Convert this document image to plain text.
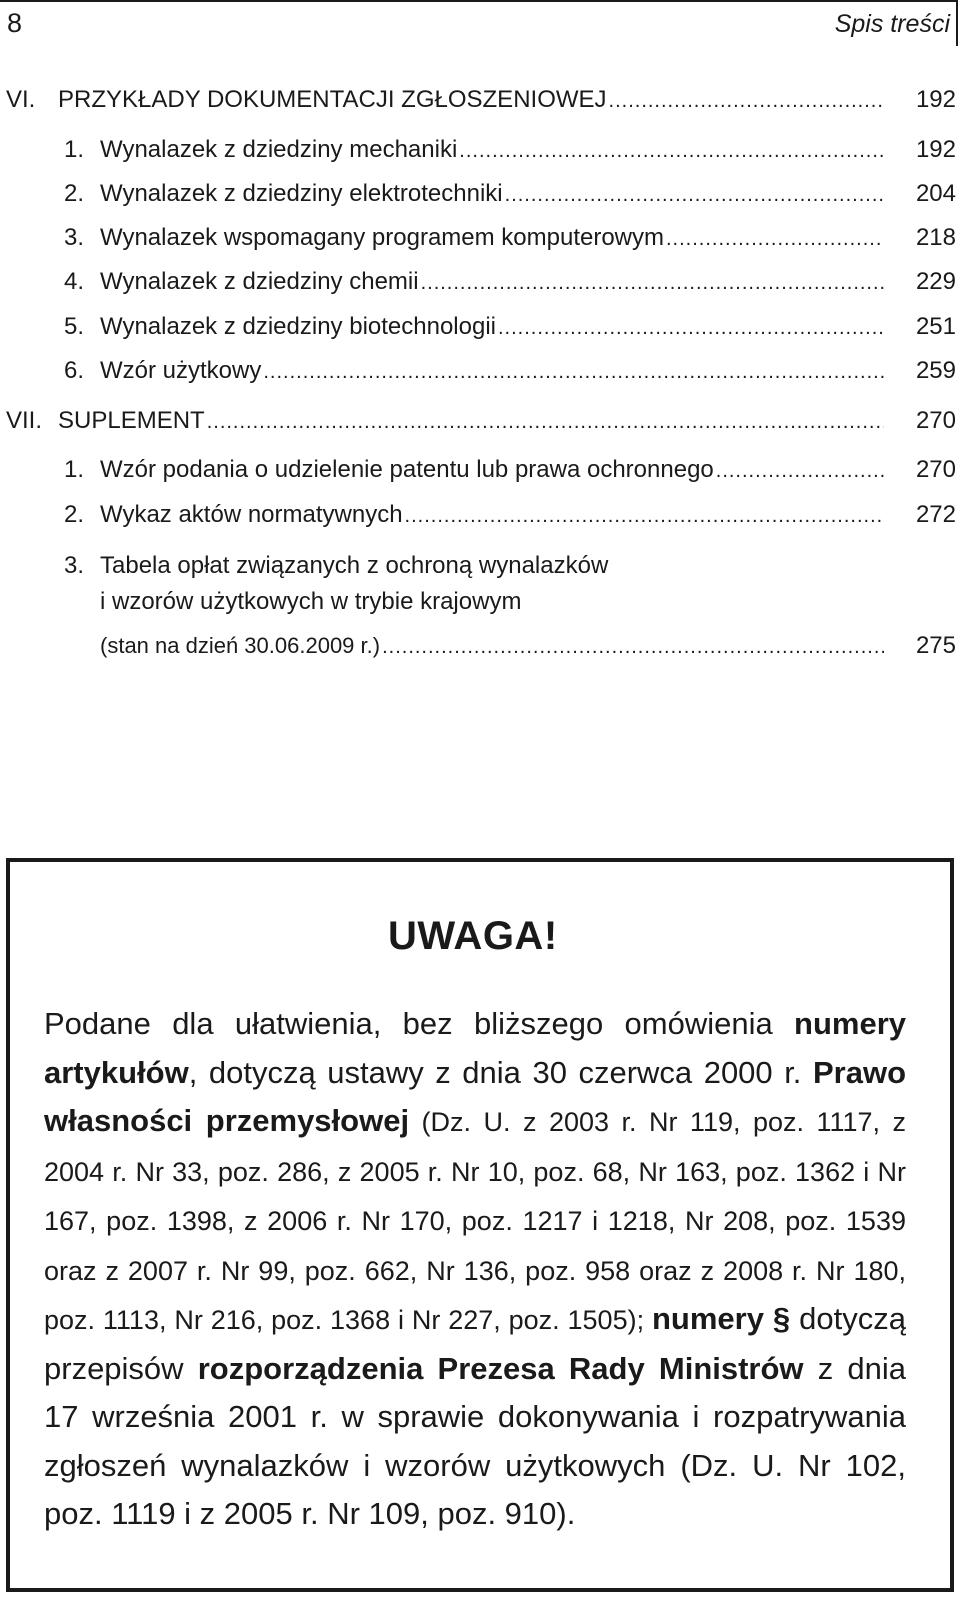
8	Spis treści
VI. PRZYKŁADY DOKUMENTACJI ZGŁOSZENIOWEJ .....	192
1. Wynalazek z dziedziny mechaniki .....	192
2. Wynalazek z dziedziny elektrotechniki .....	204
3. Wynalazek wspomagany programem komputerowym .....	218
4. Wynalazek z dziedziny chemii .....	229
5. Wynalazek z dziedziny biotechnologii .....	251
6. Wzór użytkowy .....	259
VII. SUPLEMENT .....	270
1. Wzór podania o udzielenie patentu lub prawa ochronnego .....	270
2. Wykaz aktów normatywnych .....	272
3. Tabela opłat związanych z ochroną wynalazków
i wzorów użytkowych w trybie krajowym
(stan na dzień 30.06.2009 r.) .....	275
UWAGA!

Podane dla ułatwienia, bez bliższego omówienia numery artykułów, dotyczą ustawy z dnia 30 czerwca 2000 r. Prawo własności przemysłowej (Dz. U. z 2003 r. Nr 119, poz. 1117, z 2004 r. Nr 33, poz. 286, z 2005 r. Nr 10, poz. 68, Nr 163, poz. 1362 i Nr 167, poz. 1398, z 2006 r. Nr 170, poz. 1217 i 1218, Nr 208, poz. 1539 oraz z 2007 r. Nr 99, poz. 662, Nr 136, poz. 958 oraz z 2008 r. Nr 180, poz. 1113, Nr 216, poz. 1368 i Nr 227, poz. 1505); numery § dotyczą przepisów rozporządzenia Prezesa Rady Ministrów z dnia 17 września 2001 r. w sprawie dokonywania i rozpatrywania zgłoszeń wynalazków i wzorów użytkowych (Dz. U. Nr 102, poz. 1119 i z 2005 r. Nr 109, poz. 910).
